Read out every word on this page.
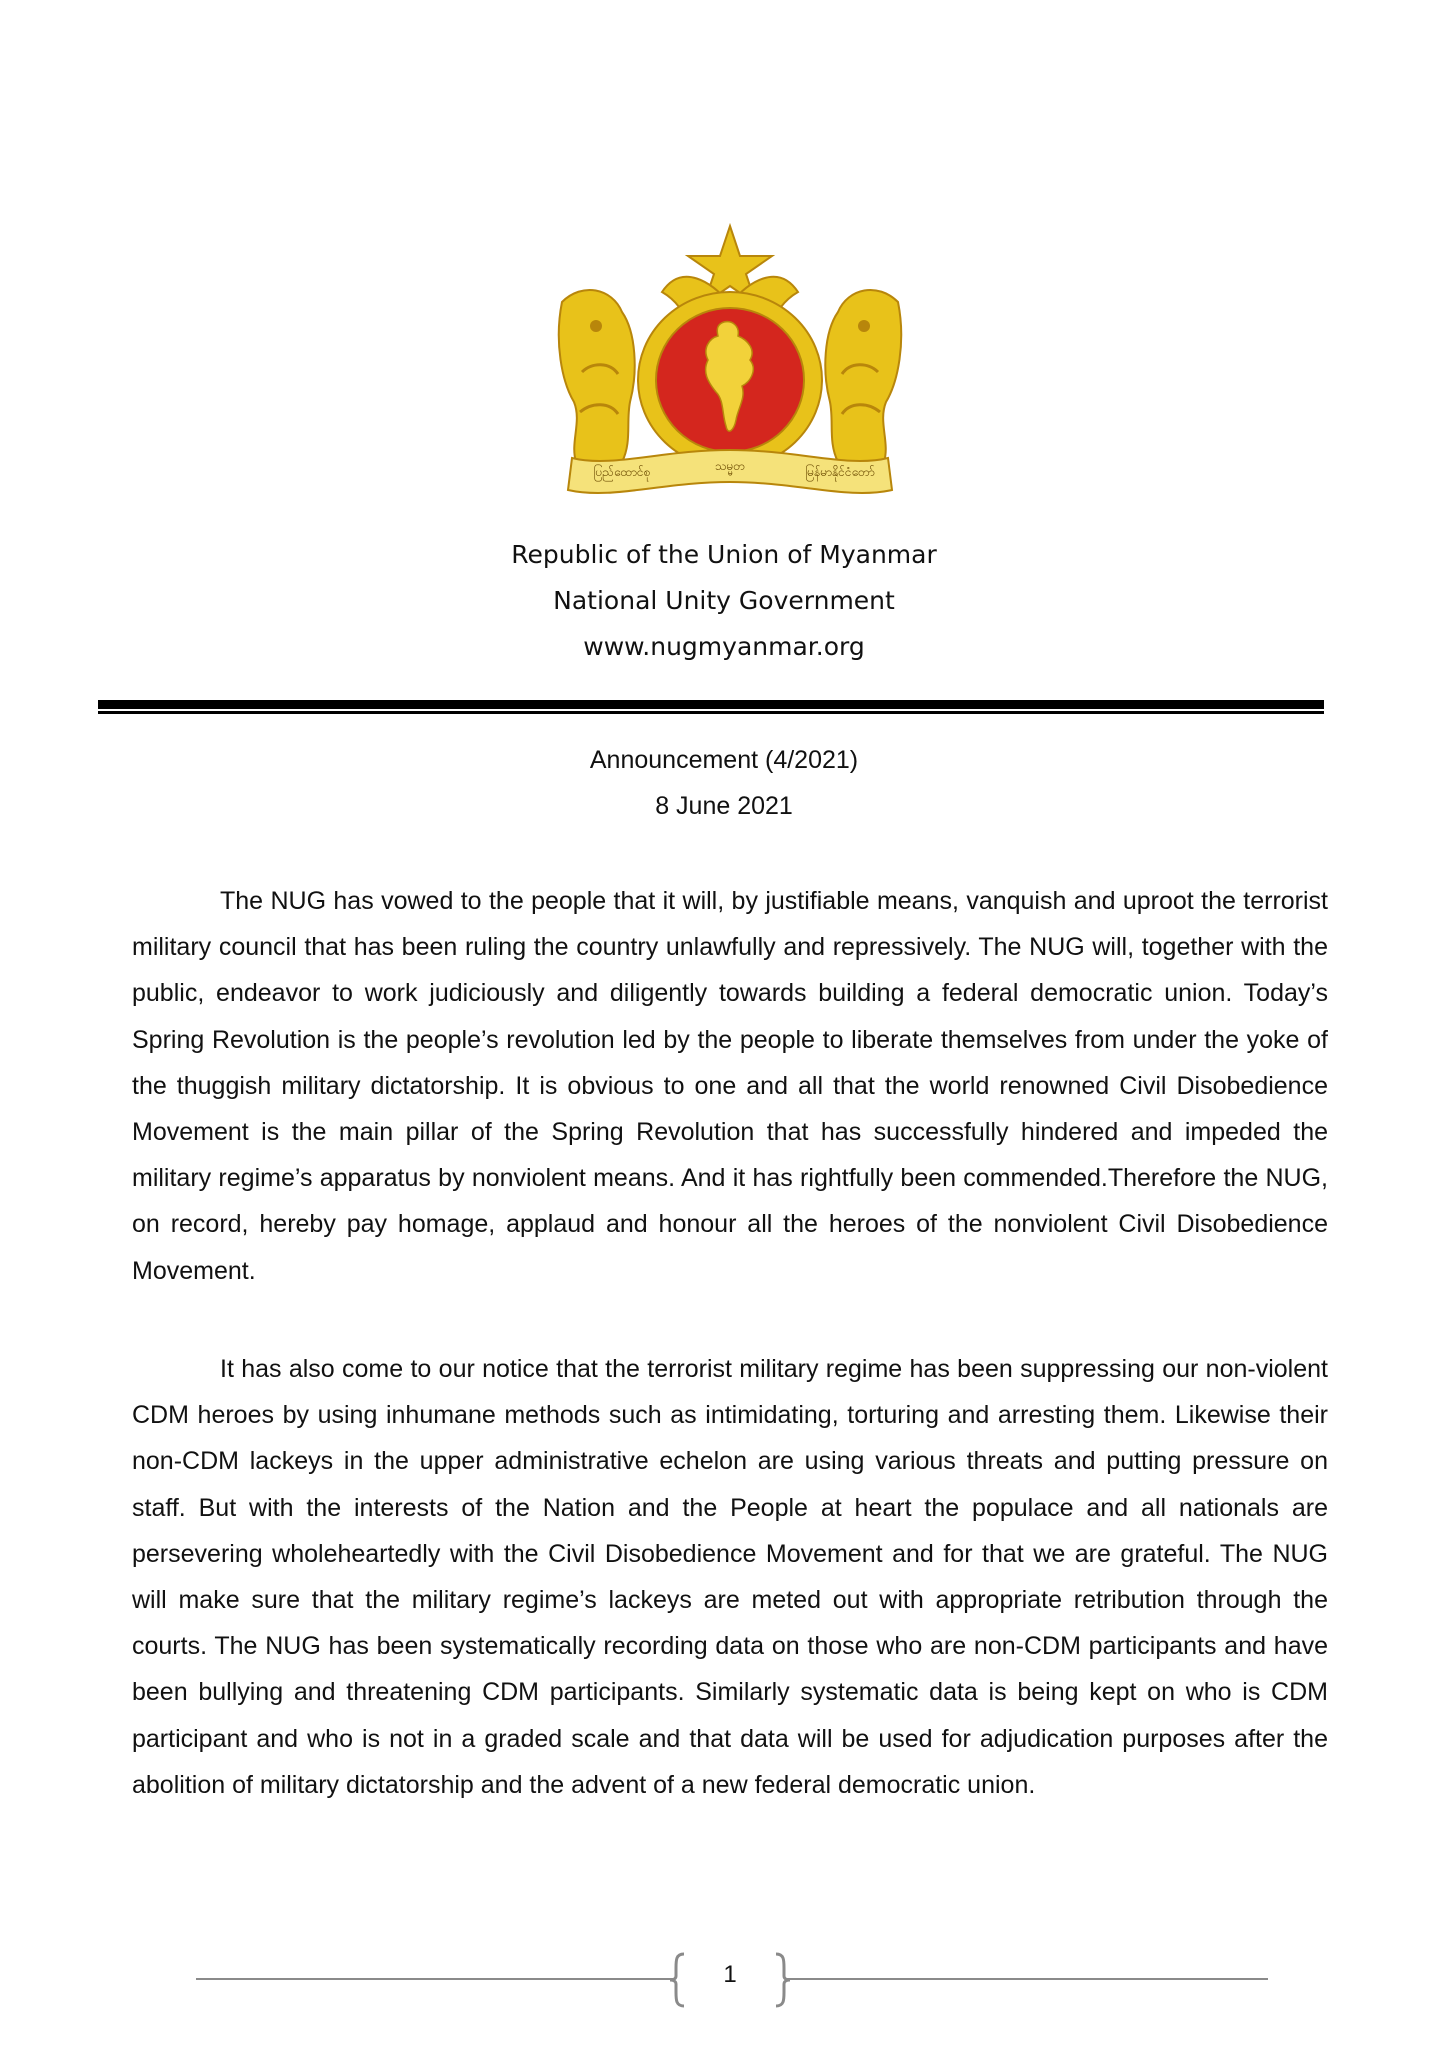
ပြည်ထောင်စု	သမ္မတ	မြန်မာနိုင်ငံတော်
Republic of the Union of Myanmar
National Unity Government
www.nugmyanmar.org
Announcement (4/2021)
8 June 2021

The NUG has vowed to the people that it will, by justifiable means, vanquish and uproot the terrorist military council that has been ruling the country unlawfully and repressively. The NUG will, together with the public, endeavor to work judiciously and diligently towards building a federal democratic union. Today’s Spring Revolution is the people’s revolution led by the people to liberate themselves from under the yoke of the thuggish military dictatorship. It is obvious to one and all that the world renowned Civil Disobedience Movement is the main pillar of the Spring Revolution that has successfully hindered and impeded the military regime’s apparatus by nonviolent means. And it has rightfully been commended.Therefore the NUG, on record, hereby pay homage, applaud and honour all the heroes of the nonviolent Civil Disobedience Movement.

It has also come to our notice that the terrorist military regime has been suppressing our non-violent CDM heroes by using inhumane methods such as intimidating, torturing and arresting them. Likewise their non-CDM lackeys in the upper administrative echelon are using various threats and putting pressure on staff. But with the interests of the Nation and the People at heart the populace and all nationals are persevering wholeheartedly with the Civil Disobedience Movement and for that we are grateful. The NUG will make sure that the military regime’s lackeys are meted out with appropriate retribution through the courts. The NUG has been systematically recording data on those who are non-CDM participants and have been bullying and threatening CDM participants. Similarly systematic data is being kept on who is CDM participant and who is not in a graded scale and that data will be used for adjudication purposes after the abolition of military dictatorship and the advent of a new federal democratic union.

1
